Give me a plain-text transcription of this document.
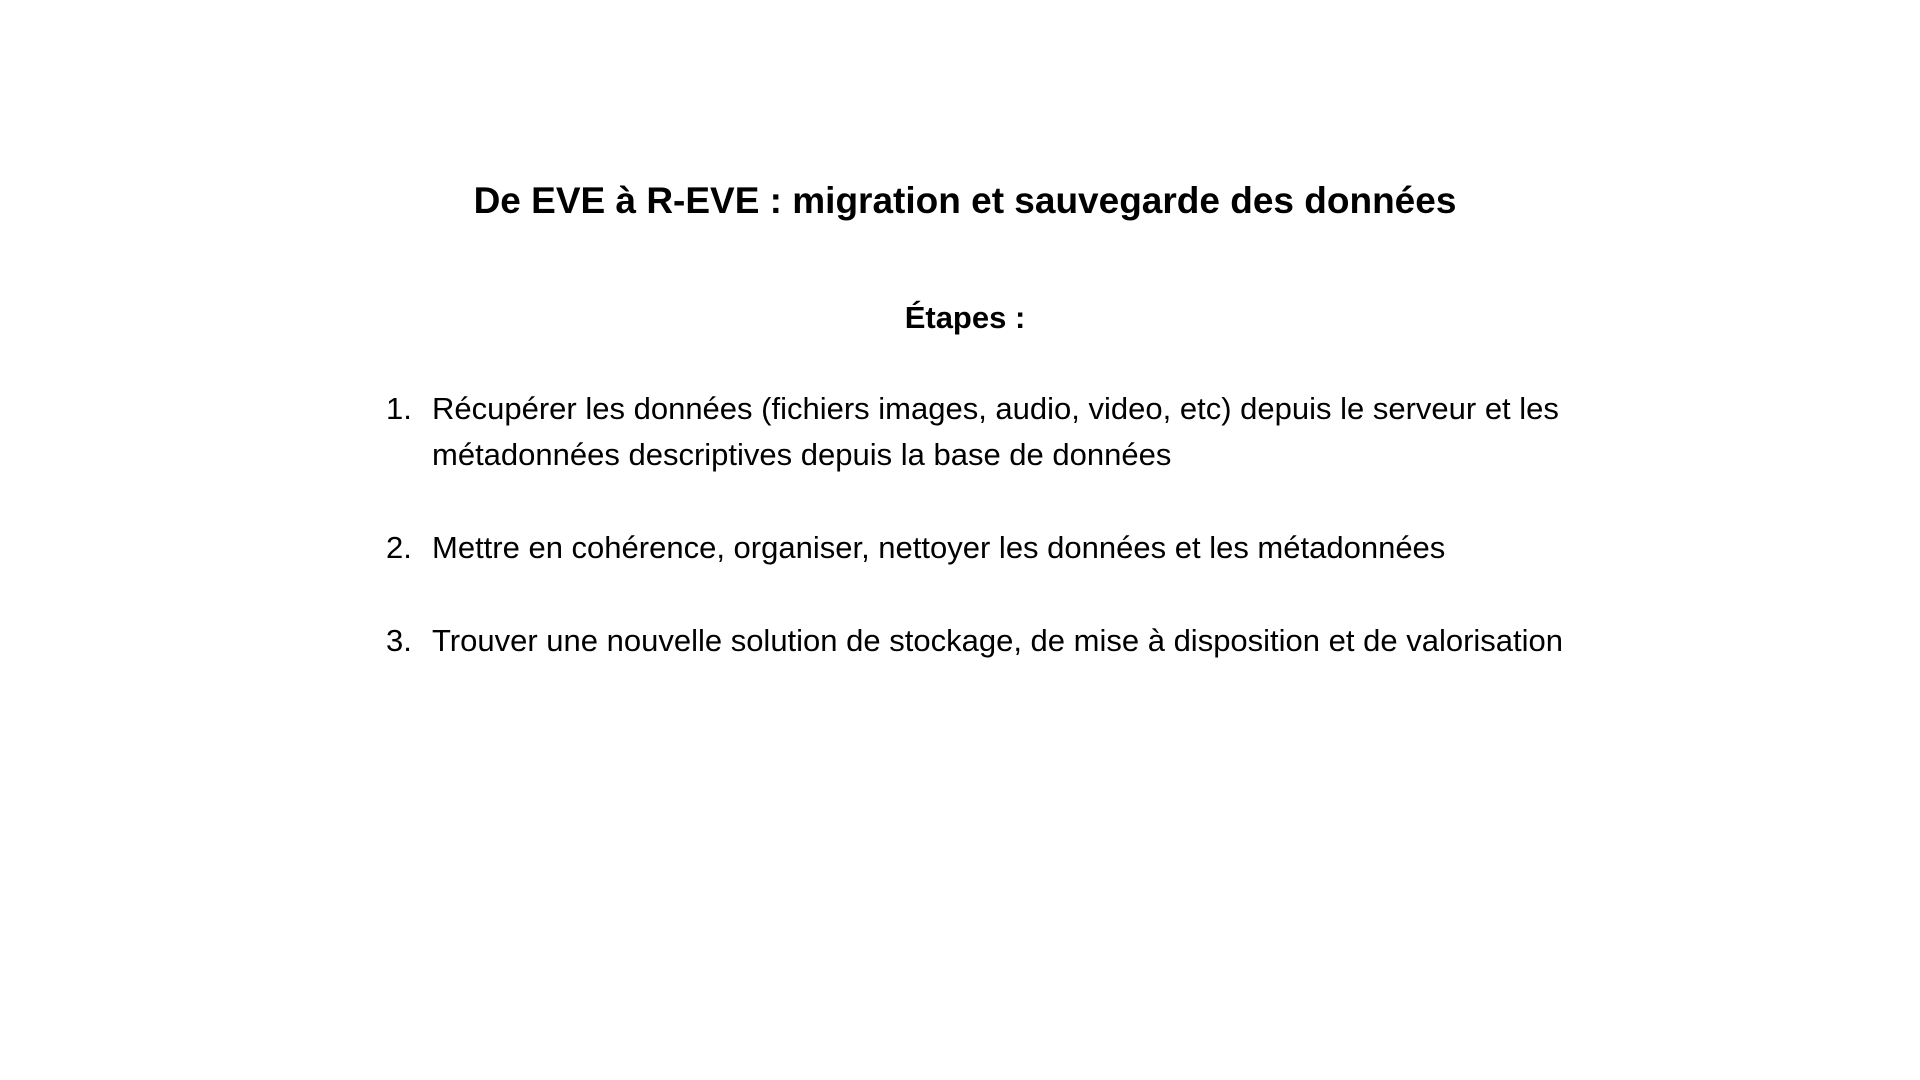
De EVE à R-EVE : migration et sauvegarde des données
Étapes :
1. Récupérer les données (fichiers images, audio, video, etc) depuis le serveur et les métadonnées descriptives depuis la base de données
2. Mettre en cohérence, organiser, nettoyer les données et les métadonnées
3. Trouver une nouvelle solution de stockage, de mise à disposition et de valorisation
